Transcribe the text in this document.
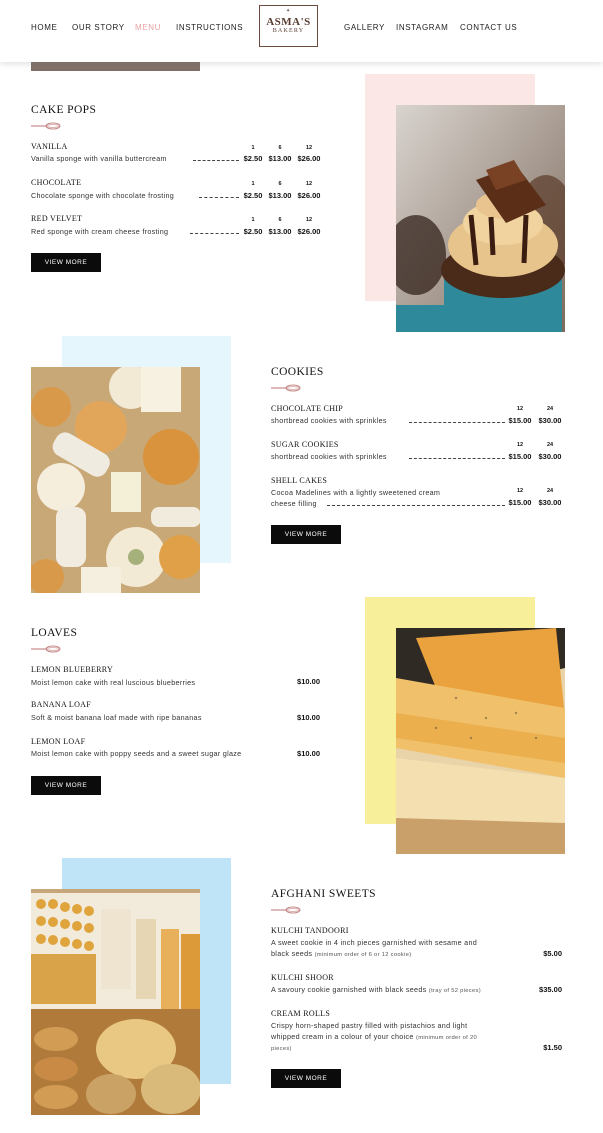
HOME OUR STORY MENU INSTRUCTIONS
✦
ASMA'S
BAKERY	GALLERY INSTAGRAM CONTACT US
CAKE POPS
VANILLA
Vanilla sponge with vanilla buttercream
1	6	12
$2.50 $13.00 $26.00
CHOCOLATE
Chocolate sponge with chocolate frosting
1	6	12
$2.50 $13.00 $26.00
RED VELVET
Red sponge with cream cheese frosting
1	6	12
$2.50 $13.00 $26.00
VIEW MORE
COOKIES
CHOCOLATE CHIP
shortbread cookies with sprinkles
12	24
$15.00 $30.00
SUGAR COOKIES
shortbread cookies with sprinkles
12	24
$15.00 $30.00
SHELL CAKES
Cocoa Madelines with a lightly sweetened cream
cheese filling
12	24
$15.00 $30.00
VIEW MORE
LOAVES
LEMON BLUEBERRY
Moist lemon cake with real luscious blueberries	$10.00
BANANA LOAF
Soft & moist banana loaf made with ripe bananas	$10.00
LEMON LOAF
Moist lemon cake with poppy seeds and a sweet sugar glaze	$10.00
VIEW MORE
AFGHANI SWEETS
KULCHI TANDOORI
A sweet cookie in 4 inch pieces garnished with sesame and
black seeds (minimum order of 6 or 12 cookie)	$5.00
KULCHI SHOOR
A savoury cookie garnished with black seeds (tray of 52 pieces)	$35.00
CREAM ROLLS
Crispy horn-shaped pastry filled with pistachios and light
whipped cream in a colour of your choice (minimum order of 20
pieces)	$1.50
VIEW MORE
